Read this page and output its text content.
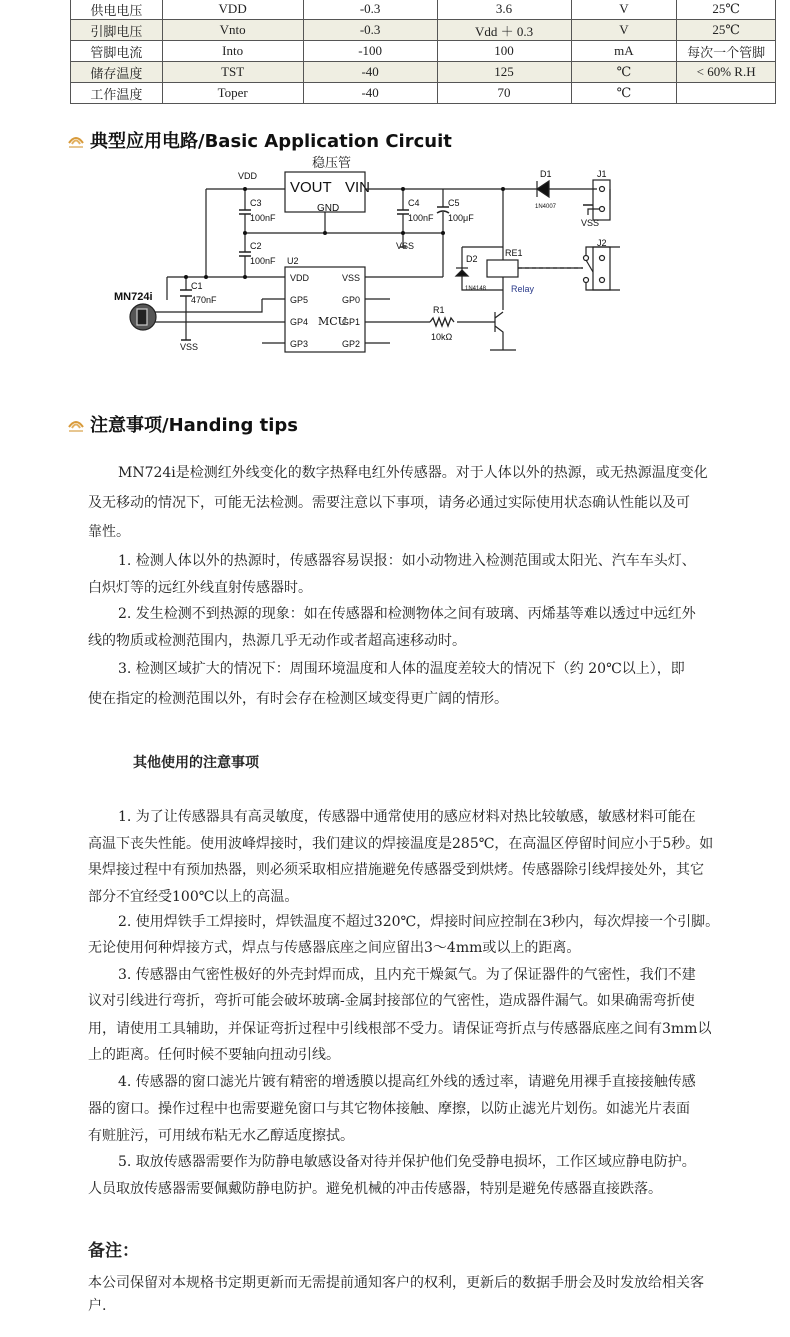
供电电压	VDD	-0.3	3.6	V	25℃
引脚电压	Vnto	-0.3	Vdd ＋ 0.3	V	25℃
管脚电流	Into	-100	100	mA	每次一个管脚
储存温度	TST	-40	125	℃	< 60% R.H
工作温度	Toper	-40	70	℃	
典型应用电路/Basic Application Circuit
稳压管
VOUT VIN
GND
VDD
C3
100nF
C2
100nF
C4
100nF
C5
100μF
VSS
C1
470nF
VSS
U2
VDD
GP5
GP4
GP3
VSS
GP0
GP1
GP2
MCU
R1
10kΩ
D1
1N4007
D2
1N4148
RE1
Relay
J1
J2
VSS
MN724i
注意事项/Handing tips
MN724i是检测红外线变化的数字热释电红外传感器。对于人体以外的热源，或无热源温度变化
及无移动的情况下，可能无法检测。需要注意以下事项，请务必通过实际使用状态确认性能以及可
靠性。
1. 检测人体以外的热源时，传感器容易误报：如小动物进入检测范围或太阳光、汽车车头灯、
白炽灯等的远红外线直射传感器时。
2. 发生检测不到热源的现象：如在传感器和检测物体之间有玻璃、丙烯基等难以透过中远红外
线的物质或检测范围内，热源几乎无动作或者超高速移动时。
3. 检测区域扩大的情况下：周围环境温度和人体的温度差较大的情况下（约 20℃以上），即
使在指定的检测范围以外，有时会存在检测区域变得更广阔的情形。
其他使用的注意事项
1. 为了让传感器具有高灵敏度，传感器中通常使用的感应材料对热比较敏感，敏感材料可能在
高温下丧失性能。使用波峰焊接时，我们建议的焊接温度是285℃，在高温区停留时间应小于5秒。如
果焊接过程中有预加热器，则必须采取相应措施避免传感器受到烘烤。传感器除引线焊接处外，其它
部分不宜经受100℃以上的高温。
2. 使用焊铁手工焊接时，焊铁温度不超过320℃，焊接时间应控制在3秒内，每次焊接一个引脚。
无论使用何种焊接方式，焊点与传感器底座之间应留出3～4mm或以上的距离。
3. 传感器由气密性极好的外壳封焊而成，且内充干燥氮气。为了保证器件的气密性，我们不建
议对引线进行弯折，弯折可能会破坏玻璃-金属封接部位的气密性，造成器件漏气。如果确需弯折使
用，请使用工具辅助，并保证弯折过程中引线根部不受力。请保证弯折点与传感器底座之间有3mm以
上的距离。任何时候不要轴向扭动引线。
4. 传感器的窗口滤光片镀有精密的增透膜以提高红外线的透过率，请避免用裸手直接接触传感
器的窗口。操作过程中也需要避免窗口与其它物体接触、摩擦，以防止滤光片划伤。如滤光片表面
有赃脏污，可用绒布粘无水乙醇适度擦拭。
5. 取放传感器需要作为防静电敏感设备对待并保护他们免受静电损坏，工作区域应静电防护。
人员取放传感器需要佩戴防静电防护。避免机械的冲击传感器，特别是避免传感器直接跌落。
备注：
本公司保留对本规格书定期更新而无需提前通知客户的权利，更新后的数据手册会及时发放给相关客
户.
